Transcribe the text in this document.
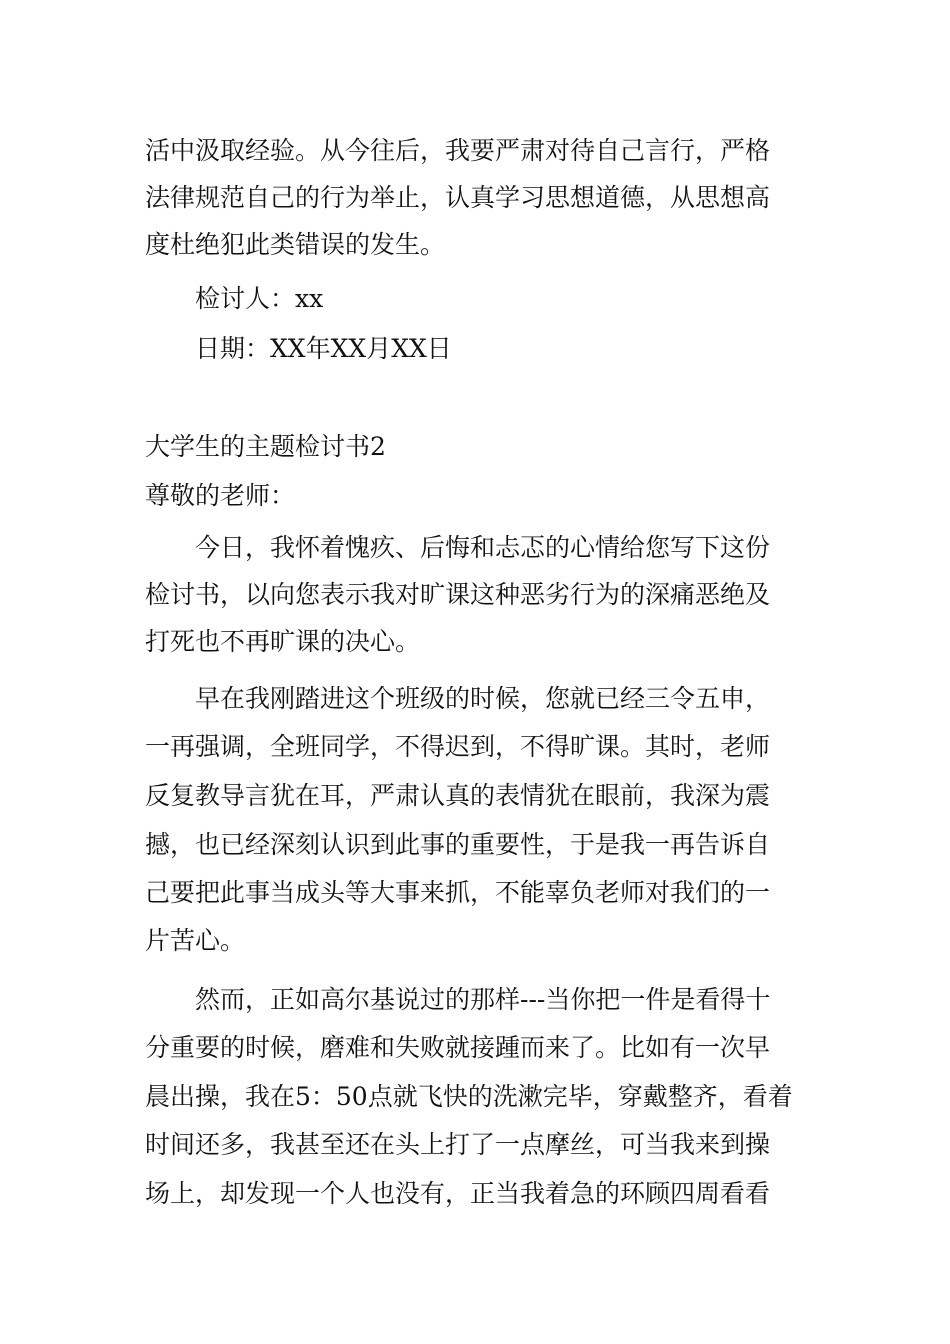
活中汲取经验。从今往后，我要严肃对待自己言行，严格
法律规范自己的行为举止，认真学习思想道德，从思想高
度杜绝犯此类错误的发生。
检讨人：xx
日期：XX年XX月XX日
大学生的主题检讨书2
尊敬的老师：
今日，我怀着愧疚、后悔和忐忑的心情给您写下这份
检讨书，以向您表示我对旷课这种恶劣行为的深痛恶绝及
打死也不再旷课的决心。
早在我刚踏进这个班级的时候，您就已经三令五申，
一再强调，全班同学，不得迟到，不得旷课。其时，老师
反复教导言犹在耳，严肃认真的表情犹在眼前，我深为震
撼，也已经深刻认识到此事的重要性，于是我一再告诉自
己要把此事当成头等大事来抓，不能辜负老师对我们的一
片苦心。
然而，正如高尔基说过的那样---当你把一件是看得十
分重要的时候，磨难和失败就接踵而来了。比如有一次早
晨出操，我在5：50点就飞快的洗漱完毕，穿戴整齐，看着
时间还多，我甚至还在头上打了一点摩丝，可当我来到操
场上，却发现一个人也没有，正当我着急的环顾四周看看
